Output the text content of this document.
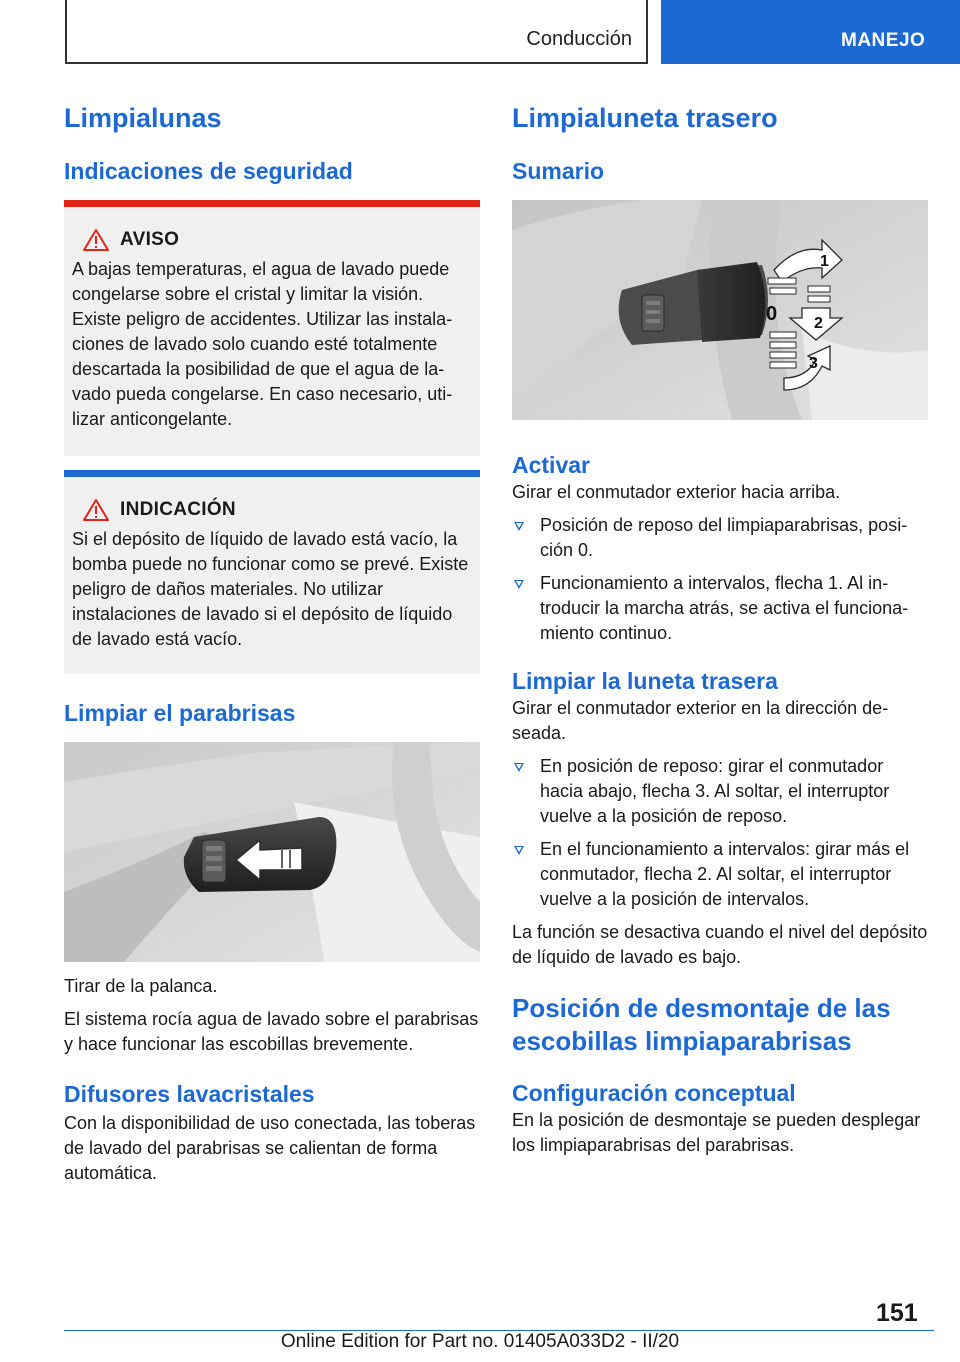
Conducción	MANEJO
Limpialunas
Indicaciones de seguridad
AVISO

A bajas temperaturas, el agua de lavado puede congelarse sobre el cristal y limitar la visión. Existe peligro de accidentes. Utilizar las instalaciones de lavado solo cuando esté totalmente descartada la posibilidad de que el agua de lavado pueda congelarse. En caso necesario, utilizar anticongelante.

INDICACIÓN

Si el depósito de líquido de lavado está vacío, la bomba puede no funcionar como se prevé. Existe peligro de daños materiales. No utilizar instalaciones de lavado si el depósito de líquido de lavado está vacío.

Limpiar el parabrisas

Tirar de la palanca.

El sistema rocía agua de lavado sobre el parabrisas y hace funcionar las escobillas brevemente.

Difusores lavacristales

Con la disponibilidad de uso conectada, las toberas de lavado del parabrisas se calientan de forma automática.

Limpialuneta trasero
Sumario
1
0 2
3
Activar

Girar el conmutador exterior hacia arriba.

Posición de reposo del limpiaparabrisas, posición 0.
Funcionamiento a intervalos, flecha 1. Al introducir la marcha atrás, se activa el funcionamiento continuo.
Limpiar la luneta trasera

Girar el conmutador exterior en la dirección deseada.

En posición de reposo: girar el conmutador hacia abajo, flecha 3. Al soltar, el interruptor vuelve a la posición de reposo.
En el funcionamiento a intervalos: girar más el conmutador, flecha 2. Al soltar, el interruptor vuelve a la posición de intervalos.

La función se desactiva cuando el nivel del depósito de líquido de lavado es bajo.

Posición de desmontaje de las escobillas limpiaparabrisas
Configuración conceptual

En la posición de desmontaje se pueden desplegar los limpiaparabrisas del parabrisas.

151
Online Edition for Part no. 01405A033D2 - II/20
